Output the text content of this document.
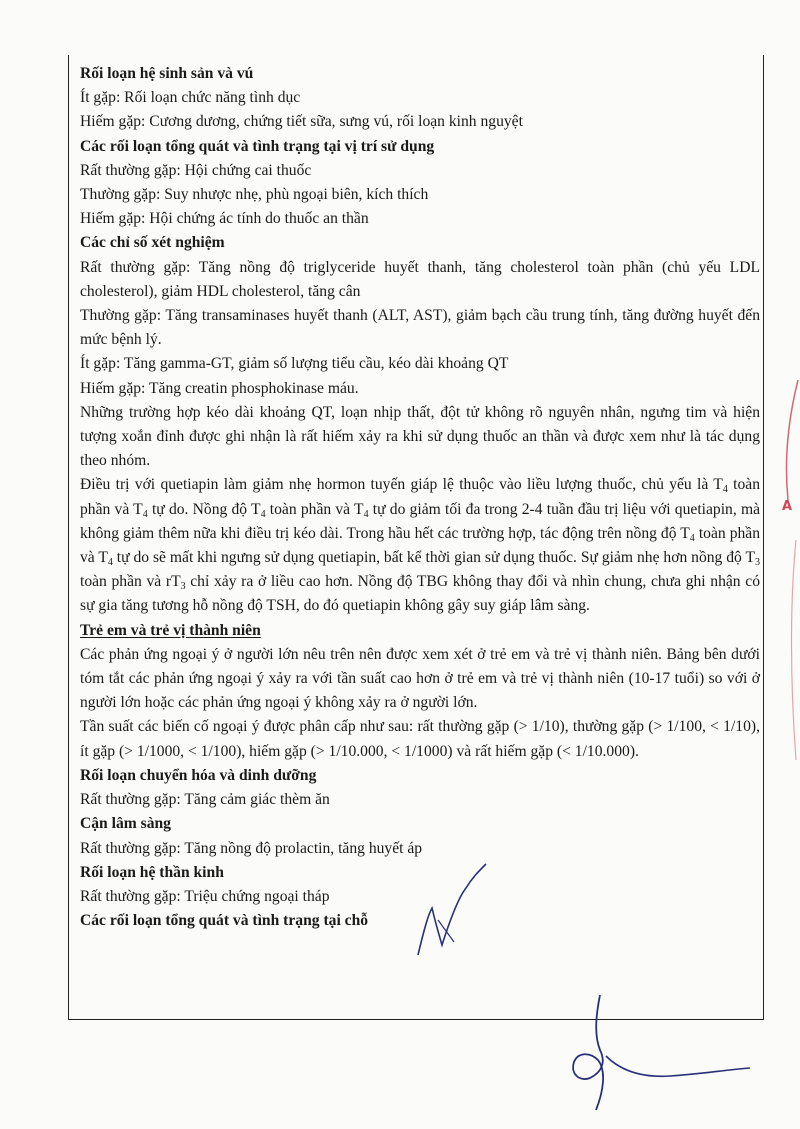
Rối loạn hệ sinh sản và vú

Ít gặp: Rối loạn chức năng tình dục

Hiếm gặp: Cương dương, chứng tiết sữa, sưng vú, rối loạn kinh nguyệt

Các rối loạn tổng quát và tình trạng tại vị trí sử dụng

Rất thường gặp: Hội chứng cai thuốc

Thường gặp: Suy nhược nhẹ, phù ngoại biên, kích thích

Hiếm gặp: Hội chứng ác tính do thuốc an thần

Các chỉ số xét nghiệm

Rất thường gặp: Tăng nồng độ triglyceride huyết thanh, tăng cholesterol toàn phần (chủ yếu LDL cholesterol), giảm HDL cholesterol, tăng cân

Thường gặp: Tăng transaminases huyết thanh (ALT, AST), giảm bạch cầu trung tính, tăng đường huyết đến mức bệnh lý.

Ít gặp: Tăng gamma-GT, giảm số lượng tiểu cầu, kéo dài khoảng QT

Hiếm gặp: Tăng creatin phosphokinase máu.

Những trường hợp kéo dài khoảng QT, loạn nhịp thất, đột tử không rõ nguyên nhân, ngưng tim và hiện tượng xoắn đỉnh được ghi nhận là rất hiếm xảy ra khi sử dụng thuốc an thần và được xem như là tác dụng theo nhóm.

Điều trị với quetiapin làm giảm nhẹ hormon tuyến giáp lệ thuộc vào liều lượng thuốc, chủ yếu là $T_4$ toàn phần và $T_4$ tự do. Nồng độ $T_4$ toàn phần và $T_4$ tự do giảm tối đa trong 2-4 tuần đầu trị liệu với quetiapin, mà không giảm thêm nữa khi điều trị kéo dài. Trong hầu hết các trường hợp, tác động trên nồng độ $T_4$ toàn phần và $T_4$ tự do sẽ mất khi ngưng sử dụng quetiapin, bất kể thời gian sử dụng thuốc. Sự giảm nhẹ hơn nồng độ $T_3$ toàn phần và $rT_3$ chỉ xảy ra ở liều cao hơn. Nồng độ TBG không thay đổi và nhìn chung, chưa ghi nhận có sự gia tăng tương hỗ nồng độ TSH, do đó quetiapin không gây suy giáp lâm sàng.

Trẻ em và trẻ vị thành niên

Các phản ứng ngoại ý ở người lớn nêu trên nên được xem xét ở trẻ em và trẻ vị thành niên. Bảng bên dưới tóm tắt các phản ứng ngoại ý xảy ra với tần suất cao hơn ở trẻ em và trẻ vị thành niên (10-17 tuổi) so với ở người lớn hoặc các phản ứng ngoại ý không xảy ra ở người lớn.

Tần suất các biến cố ngoại ý được phân cấp như sau: rất thường gặp (> 1/10), thường gặp (> 1/100, < 1/10), ít gặp (> 1/1000, < 1/100), hiếm gặp (> 1/10.000, < 1/1000) và rất hiếm gặp (< 1/10.000).

Rối loạn chuyển hóa và dinh dưỡng

Rất thường gặp: Tăng cảm giác thèm ăn

Cận lâm sàng

Rất thường gặp: Tăng nồng độ prolactin, tăng huyết áp

Rối loạn hệ thần kinh

Rất thường gặp: Triệu chứng ngoại tháp

Các rối loạn tổng quát và tình trạng tại chỗ

A
